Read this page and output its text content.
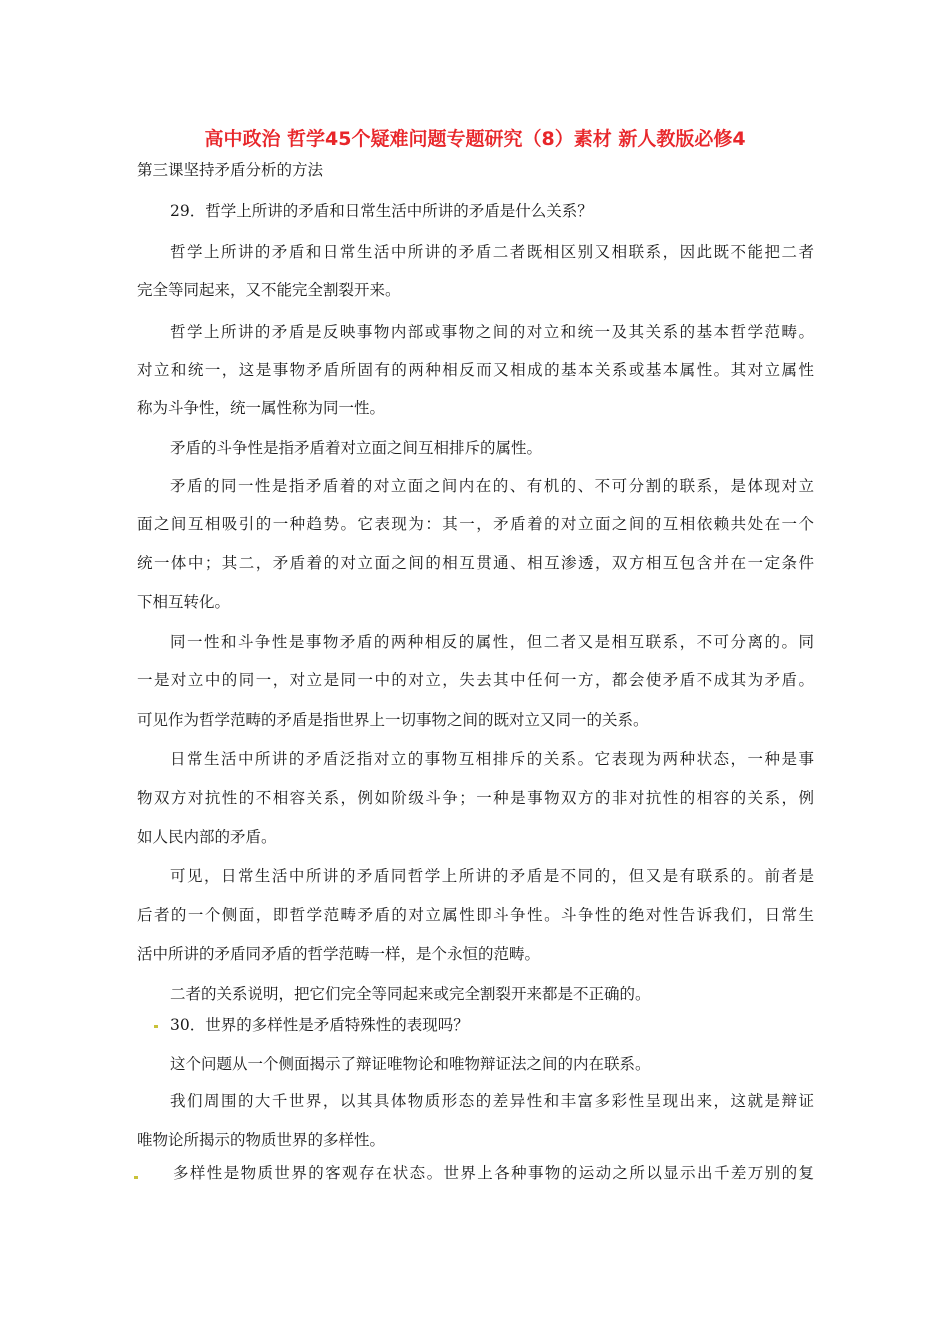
高中政治 哲学45个疑难问题专题研究（8）素材 新人教版必修4
第三课坚持矛盾分析的方法
29．哲学上所讲的矛盾和日常生活中所讲的矛盾是什么关系？
哲学上所讲的矛盾和日常生活中所讲的矛盾二者既相区别又相联系，因此既不能把二者
完全等同起来，又不能完全割裂开来。
哲学上所讲的矛盾是反映事物内部或事物之间的对立和统一及其关系的基本哲学范畴。
对立和统一，这是事物矛盾所固有的两种相反而又相成的基本关系或基本属性。其对立属性
称为斗争性，统一属性称为同一性。
矛盾的斗争性是指矛盾着对立面之间互相排斥的属性。
矛盾的同一性是指矛盾着的对立面之间内在的、有机的、不可分割的联系，是体现对立
面之间互相吸引的一种趋势。它表现为：其一，矛盾着的对立面之间的互相依赖共处在一个
统一体中；其二，矛盾着的对立面之间的相互贯通、相互渗透，双方相互包含并在一定条件
下相互转化。
同一性和斗争性是事物矛盾的两种相反的属性，但二者又是相互联系，不可分离的。同
一是对立中的同一，对立是同一中的对立，失去其中任何一方，都会使矛盾不成其为矛盾。
可见作为哲学范畴的矛盾是指世界上一切事物之间的既对立又同一的关系。
日常生活中所讲的矛盾泛指对立的事物互相排斥的关系。它表现为两种状态，一种是事
物双方对抗性的不相容关系，例如阶级斗争；一种是事物双方的非对抗性的相容的关系，例
如人民内部的矛盾。
可见，日常生活中所讲的矛盾同哲学上所讲的矛盾是不同的，但又是有联系的。前者是
后者的一个侧面，即哲学范畴矛盾的对立属性即斗争性。斗争性的绝对性告诉我们，日常生
活中所讲的矛盾同矛盾的哲学范畴一样，是个永恒的范畴。
二者的关系说明，把它们完全等同起来或完全割裂开来都是不正确的。
30．世界的多样性是矛盾特殊性的表现吗？
这个问题从一个侧面揭示了辩证唯物论和唯物辩证法之间的内在联系。
我们周围的大千世界，以其具体物质形态的差异性和丰富多彩性呈现出来，这就是辩证
唯物论所揭示的物质世界的多样性。
多样性是物质世界的客观存在状态。世界上各种事物的运动之所以显示出千差万别的复
